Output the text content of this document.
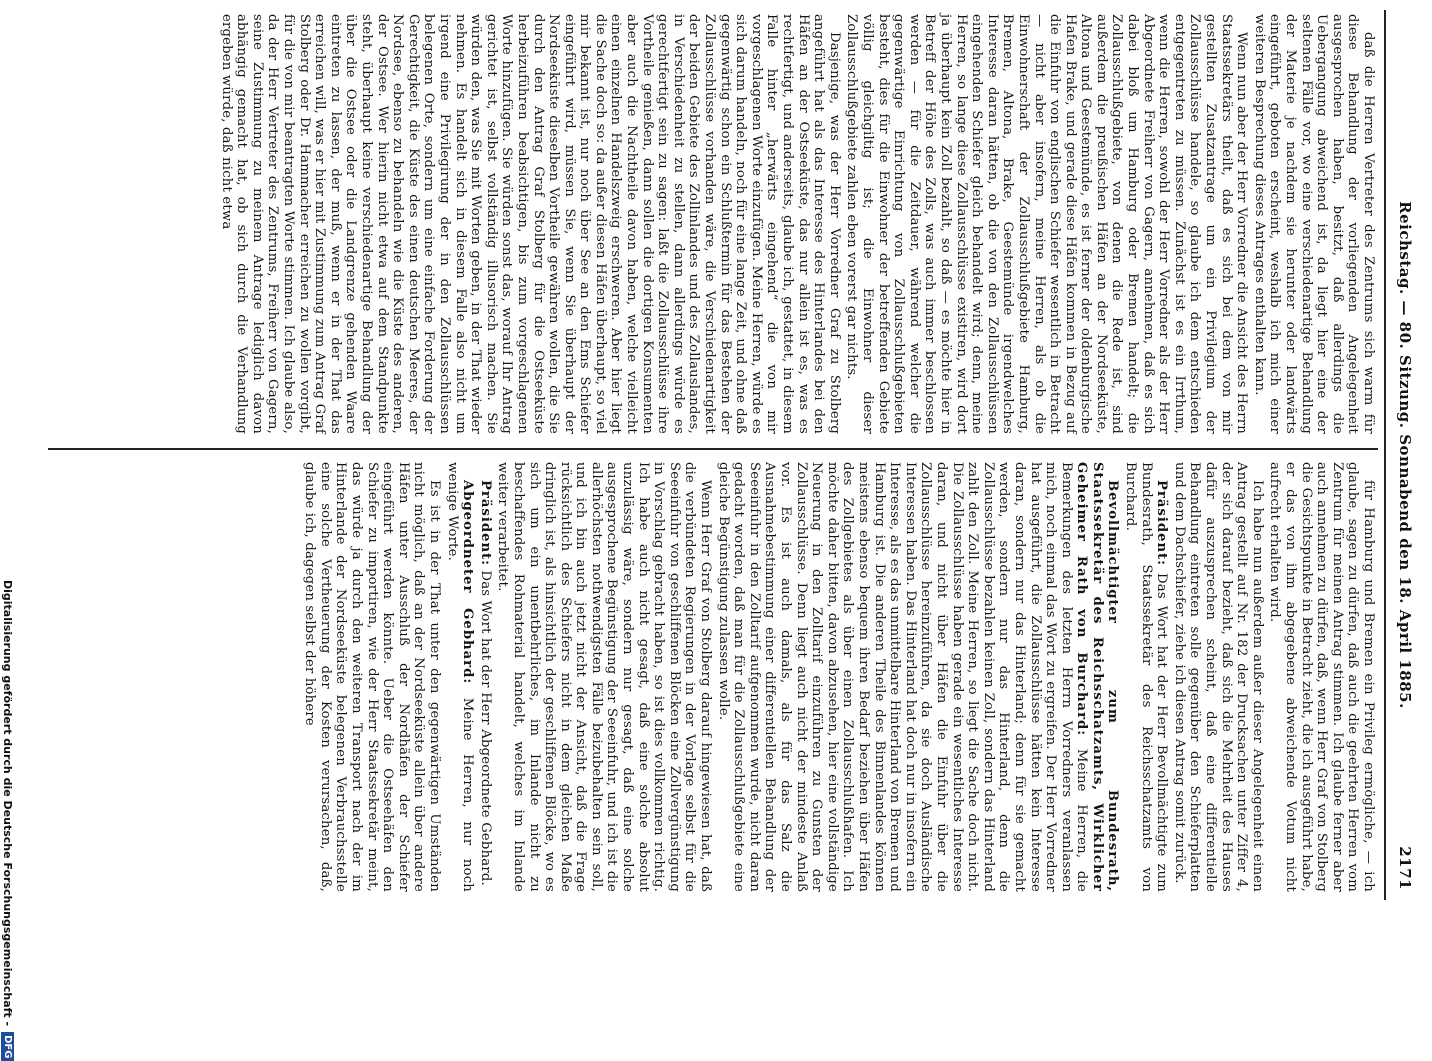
Reichstag. — 80. Sitzung. Sonnabend den 18. April 1885.
2171

daß die Herren Vertreter des Zentrums sich warm für diese Behandlung der vorliegenden Angelegenheit ausgesprochen haben, besitzt, daß allerdings die Uebergangung abweichend ist, da liegt hier eine der seltenen Fälle vor, wo eine verschiedenartige Behandlung der Materie je nachdem sie herunter oder landwärts eingeführt, geboten erscheint, weshalb ich mich einer weiteren Besprechung dieses Antrages enthalten kann.

Wenn nun aber der Herr Vorredner die Ansicht des Herrn Staatssekretärs theilt, daß es sich bei dem von mir gestellten Zusatzantrage um ein Privilegium der Zollausschlüsse handele, so glaube ich dem entschieden entgegentreten zu müssen. Zunächst ist es ein Irrthum, wenn die Herren, sowohl der Herr Vorredner als der Herr Abgeordnete Freiherr von Gagern, annehmen, daß es sich dabei bloß um Hamburg oder Bremen handelt; die Zollausschlußgebiete, von denen die Rede ist, sind außerdem die preußischen Häfen an der Nordseeküste, Altona und Geestemünde, es ist ferner der oldenburgische Hafen Brake, und gerade diese Häfen kommen in Bezug auf die Einfuhr von englischen Schiefer wesentlich in Betracht — nicht aber insofern, meine Herren, als ob die Einwohnerschaft der Zollausschlußgebiete Hamburg, Bremen, Altona, Brake, Geestemünde irgendwelches Interesse daran hätten, ob die von den Zollausschlüssen eingehenden Schiefer gleich behandelt wird; denn, meine Herren, so lange diese Zollausschlüsse existiren, wird dort ja überhaupt kein Zoll bezahlt, so daß — es möchte hier in Betreff der Höhe des Zolls, was auch immer beschlossen werden — für die Zeitdauer, während welcher die gegenwärtige Einrichtung von Zollausschlußgebieten besteht, dies für die Einwohner der betreffenden Gebiete völlig gleichgiltig ist; die Einwohner dieser Zollausschlußgebiete zahlen eben vorerst gar nichts.

Dasjenige, was der Herr Vorredner Graf zu Stolberg angeführt hat als das Interesse des Hinterlandes bei den Häfen an der Ostseeküste, das nur allein ist es, was es rechtfertigt, und anderseits, glaube ich, gestattet, in diesem Falle hinter „herwärts eingehend“ die von mir vorgeschlagenen Worte einzufügen. Meine Herren, würde es sich darum handeln, noch für eine lange Zeit, und ohne daß gegenwärtig schon ein Schlußtermin für das Bestehen der Zollausschlüsse vorhanden wäre, die Verschiedenartigkeit der beiden Gebiete des Zollinlandes und des Zollauslandes, in Verschiedenheit zu stellen, dann allerdings würde es gerechtfertigt sein zu sagen: laßt die Zollausschlüsse ihre Vortheile genießen, dann sollen die dortigen Konsumenten aber auch die Nachtheile davon haben, welche vielleicht einen einzelnen Handelszweig erschweren. Aber hier liegt die Sache doch so: da außer diesen Häfen überhaupt, so viel mir bekannt ist, nur noch über See an den Ems Schiefer eingeführt wird, müssen Sie, wenn Sie überhaupt der Nordseeküste dieselben Vortheile gewähren wollen, die Sie durch den Antrag Graf Stolberg für die Ostseeküste herbeizuführen beabsichtigen, bis zum vorgeschlagenen Worte hinzufügen. Sie würden sonst das, worauf Ihr Antrag gerichtet ist, selbst vollständig illusorisch machen. Sie würden den, was Sie mit Worten geben, in der That wieder nehmen. Es handelt sich in diesem Falle also nicht um irgend eine Privilegirung der in den Zollausschlüssen belegenen Orte, sondern um eine einfache Forderung der Gerechtigkeit, die Küste des einen deutschen Meeres, der Nordsee, ebenso zu behandeln wie die Küste des anderen, der Ostsee. Wer hierin nicht etwa auf dem Standpunkte steht, überhaupt keine verschiedenartige Behandlung der über die Ostsee oder die Landgrenze gehenden Waare eintreten zu lassen, der muß, wenn er in der That das erreichen will, was er hier mit Zustimmung zum Antrag Graf Stolberg oder Dr. Hammacher erreichen zu wollen vorgibt, für die von mir beantragten Worte stimmen. Ich glaube also, da der Herr Vertreter des Zentrums, Freiherr von Gagern, seine Zustimmung zu meinem Antrage lediglich davon abhängig gemacht hat, ob sich durch die Verhandlung ergeben würde, daß nicht etwa

für Hamburg und Bremen ein Privileg ermögliche, — ich glaube, sagen zu dürfen, daß auch die geehrten Herren vom Zentrum für meinen Antrag stimmen. Ich glaube ferner aber auch annehmen zu dürfen, daß, wenn Herr Graf von Stolberg die Gesichtspunkte in Betracht zieht, die ich ausgeführt habe, er das von ihm abgegebene abweichende Votum nicht aufrecht erhalten wird.

Ich habe nun außerdem außer dieser Angelegenheit einen Antrag gestellt auf Nr. 182 der Drucksachen unter Ziffer 4, der sich darauf bezieht, daß sich die Mehrheit des Hauses dafür auszusprechen scheint, daß eine differentielle Behandlung eintreten solle gegenüber den Schieferplatten und dem Dachschiefer, ziehe ich diesen Antrag somit zurück.

Präsident: Das Wort hat der Herr Bevollmächtigte zum Bundesrath, Staatssekretär des Reichsschatzamts von Burchard.

Bevollmächtigter zum Bundesrath, Staatssekretär des Reichsschatzamts, Wirklicher Geheimer Rath von Burchard: Meine Herren, die Bemerkungen des letzten Herrn Vorredners veranlassen mich, noch einmal das Wort zu ergreifen. Der Herr Vorredner hat ausgeführt, die Zollausschlüsse hätten kein Interesse daran, sondern nur das Hinterland; denn für sie gemacht werden, sondern nur das Hinterland, denn die Zollausschlüsse bezahlen keinen Zoll, sondern das Hinterland zahlt den Zoll. Meine Herren, so liegt die Sache doch nicht. Die Zollausschlüsse haben gerade ein wesentliches Interesse daran, und nicht über Häfen die Einfuhr über die Zollausschlüsse hereinzuführen, da sie doch Ausländische Interessen haben. Das Hinterland hat doch nur in insofern ein Interesse, als es das unmittelbare Hinterland von Bremen und Hamburg ist. Die anderen Theile des Binnenlandes können meistens ebenso bequem ihren Bedarf beziehen über Häfen des Zollgebietes als über einen Zollausschlußhafen. Ich möchte daher bitten, davon abzusehen, hier eine vollständige Neuerung in den Zolltarif einzuführen zu Gunsten der Zollausschlüsse. Denn liegt auch nicht der mindeste Anlaß vor. Es ist auch damals, als für das Salz die Ausnahmebestimmung einer differentiellen Behandlung der Seeeinfuhr in den Zolltarif aufgenommen wurde, nicht daran gedacht worden, daß man für die Zollausschlußgebiete eine gleiche Begünstigung zulassen wolle.

Wenn Herr Graf von Stolberg darauf hingewiesen hat, daß die verbündeten Regierungen in der Vorlage selbst für die Seeeinfuhr von geschliffenen Blöcken eine Zollvergünstigung in Vorschlag gebracht haben, so ist dies vollkommen richtig. Ich habe auch nicht gesagt, daß eine solche absolut unzulässig wäre, sondern nur gesagt, daß eine solche ausgesprochene Begünstigung der Seeeinfuhr, und ich ist die allerhöchsten nothwendigsten Fälle beizubehalten sein soll, und ich bin auch jetzt nicht der Ansicht, daß die Frage rücksichtlich des Schiefers nicht in dem gleichen Maße dringlich ist, als hinsichtlich der geschliffenen Blöcke, wo es sich um ein unentbehrliches, im Inlande nicht zu beschaffendes Rohmaterial handelt, welches im Inlande weiter verarbeitet.

Präsident: Das Wort hat der Herr Abgeordnete Gebhard.

Abgeordneter Gebhard: Meine Herren, nur noch wenige Worte.

Es ist in der That unter den gegenwärtigen Umständen nicht möglich, daß an der Nordseeküste allein über andere Häfen unter Ausschluß der Nordhäfen der Schiefer eingeführt werden könnte. Ueber die Ostseehäfen den Schiefer zu importiren, wie der Herr Staatssekretär meint, das würde ja durch den weiteren Transport nach der im Hinterlande der Nordseeküste belegenen Verbrauchsstelle eine solche Vertheuerung der Kosten verursachen, daß, glaube ich, dagegen selbst der höhere

Digitalisierung gefördert durch die Deutsche Forschungsgemeinschaft -
DFG
